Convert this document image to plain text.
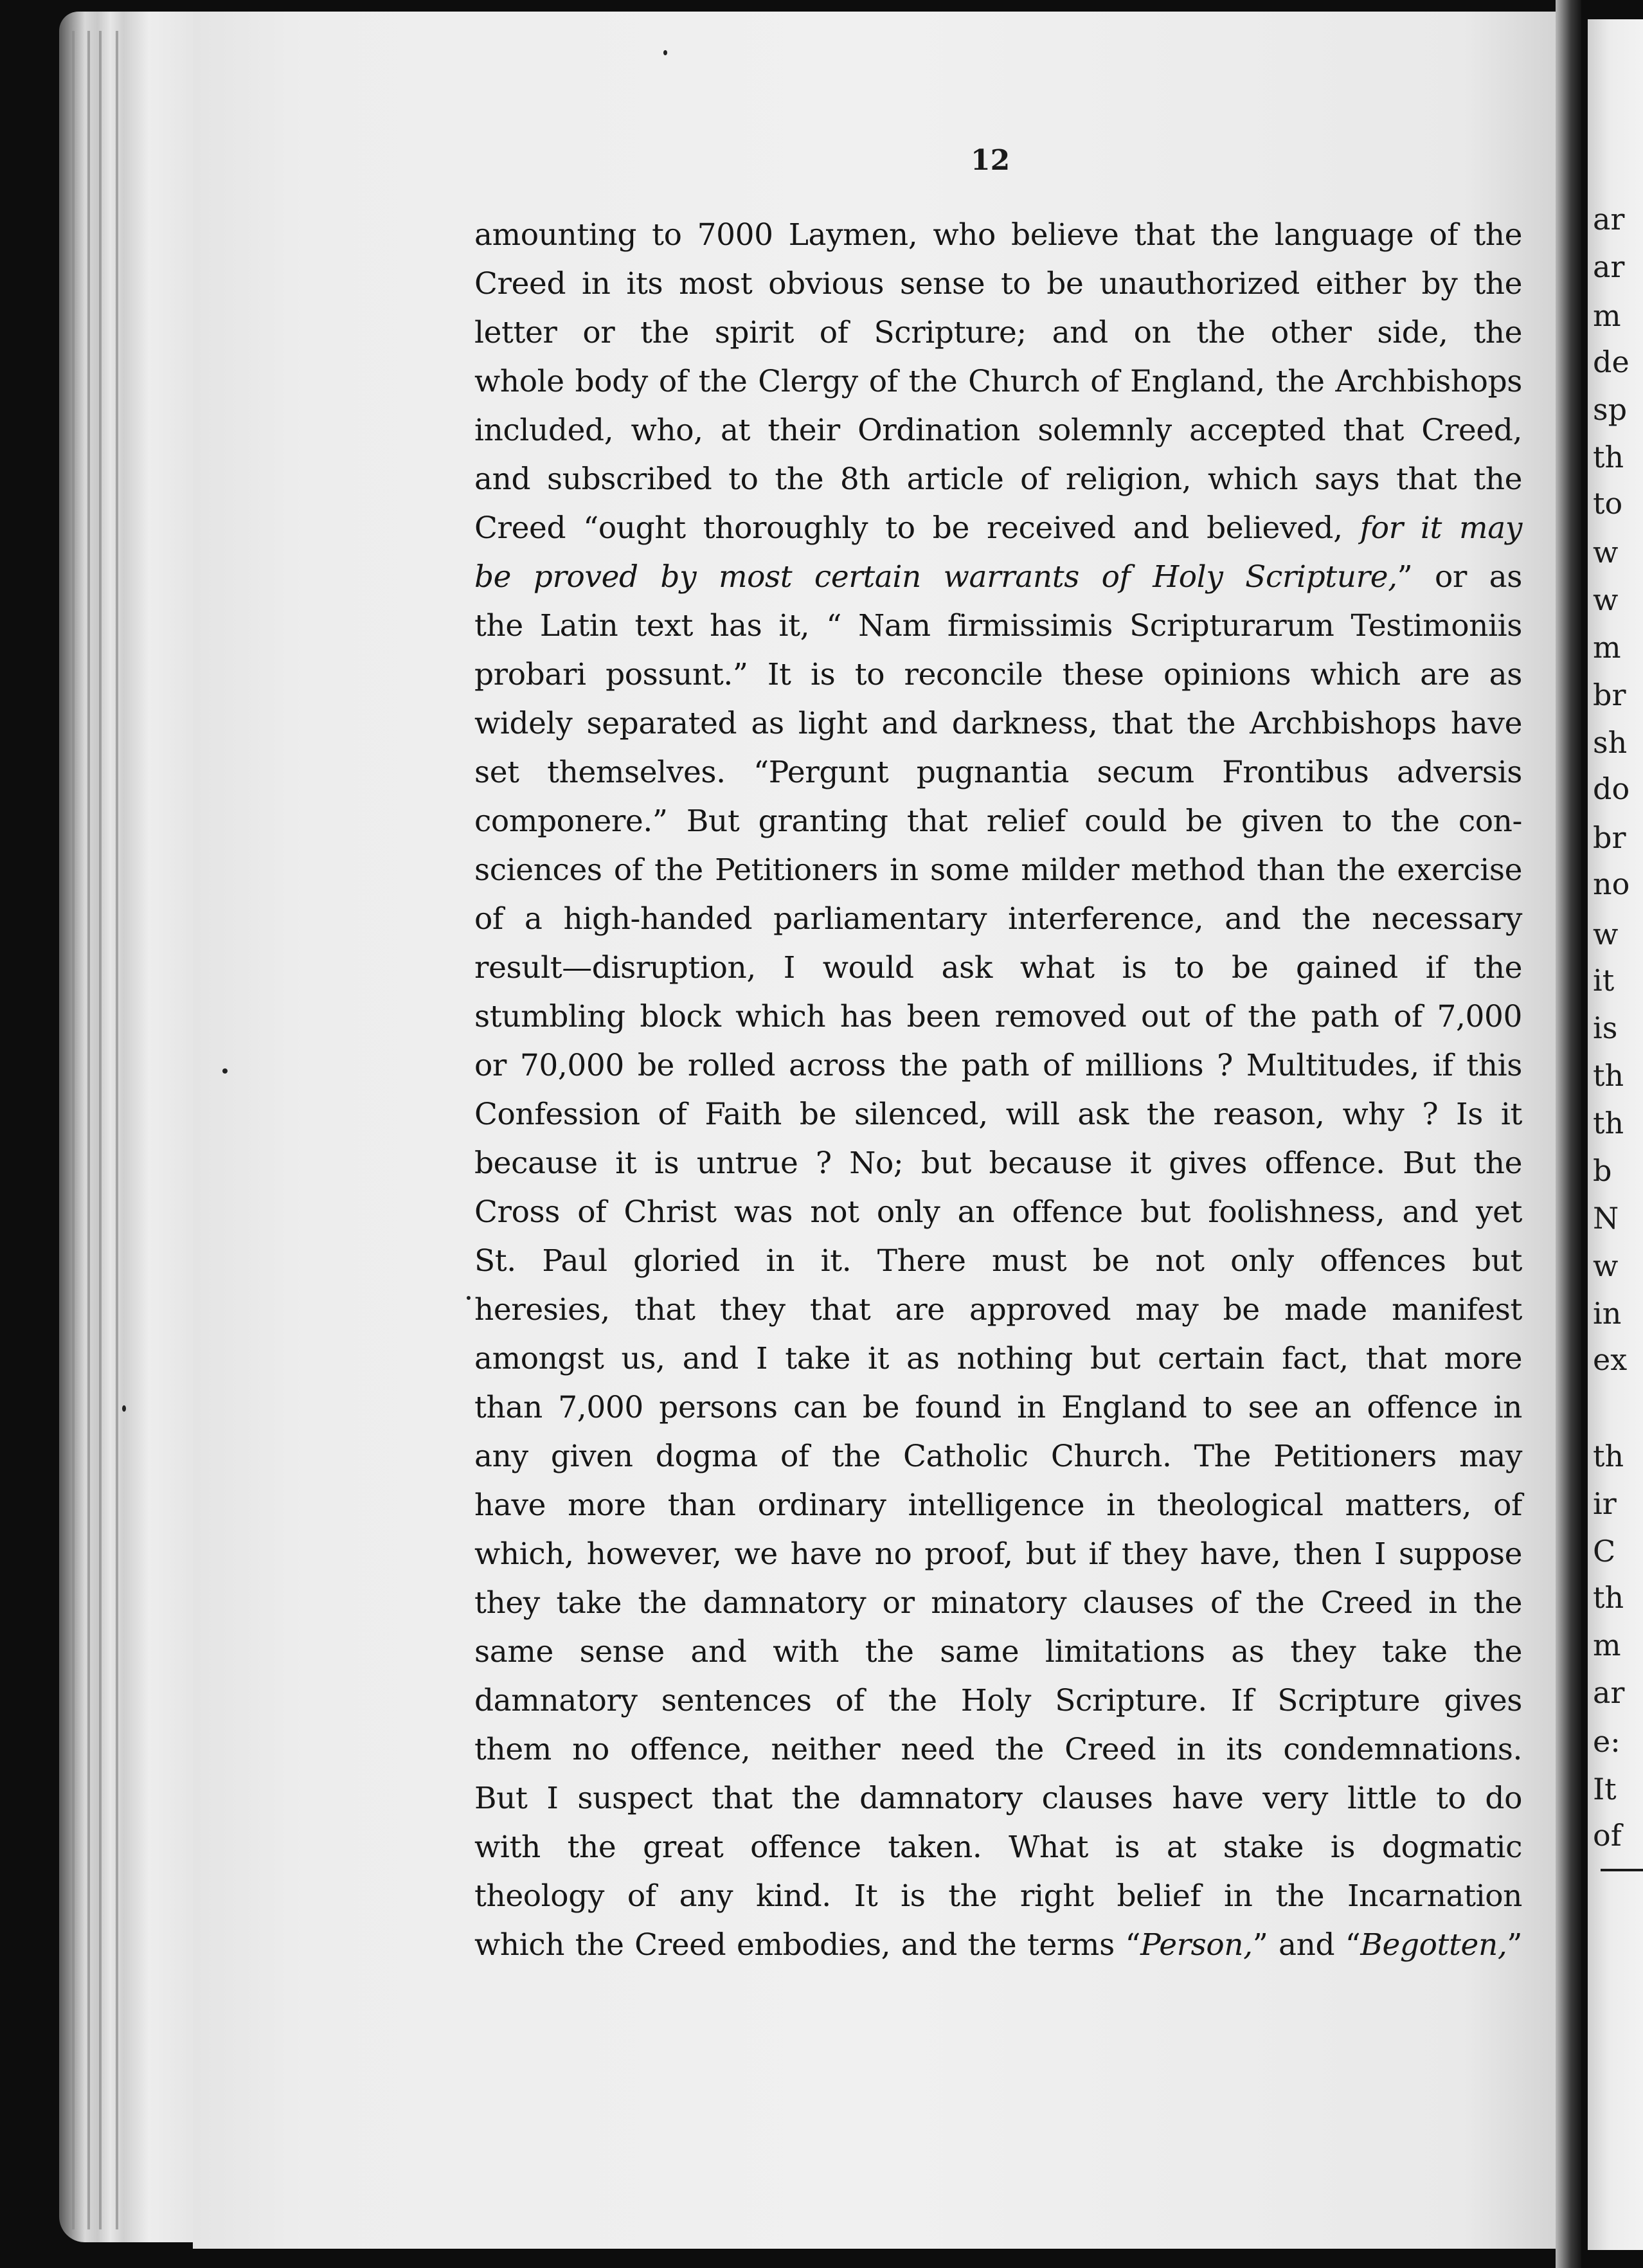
12
amounting to 7000 Laymen, who believe that the language of the
Creed in its most obvious sense to be unauthorized either by the
letter or the spirit of Scripture; and on the other side, the
whole body of the Clergy of the Church of England, the Archbishops
included, who, at their Ordination solemnly accepted that Creed,
and subscribed to the 8th article of religion, which says that the
Creed “ought thoroughly to be received and believed, for it may
be proved by most certain warrants of Holy Scripture,” or as
the Latin text has it, “ Nam firmissimis Scripturarum Testimoniis
probari possunt.” It is to reconcile these opinions which are as
widely separated as light and darkness, that the Archbishops have
set themselves. “Pergunt pugnantia secum Frontibus adversis
componere.” But granting that relief could be given to the con-
sciences of the Petitioners in some milder method than the exercise
of a high-handed parliamentary interference, and the necessary
result—disruption, I would ask what is to be gained if the
stumbling block which has been removed out of the path of 7,000
or 70,000 be rolled across the path of millions ? Multitudes, if this
Confession of Faith be silenced, will ask the reason, why ? Is it
because it is untrue ? No; but because it gives offence. But the
Cross of Christ was not only an offence but foolishness, and yet
St. Paul gloried in it. There must be not only offences but
heresies, that they that are approved may be made manifest
amongst us, and I take it as nothing but certain fact, that more
than 7,000 persons can be found in England to see an offence in
any given dogma of the Catholic Church. The Petitioners may
have more than ordinary intelligence in theological matters, of
which, however, we have no proof, but if they have, then I suppose
they take the damnatory or minatory clauses of the Creed in the
same sense and with the same limitations as they take the
damnatory sentences of the Holy Scripture. If Scripture gives
them no offence, neither need the Creed in its condemnations.
But I suspect that the damnatory clauses have very little to do
with the great offence taken. What is at stake is dogmatic
theology of any kind. It is the right belief in the Incarnation
which the Creed embodies, and the terms “Person,” and “Begotten,”
ar
ar
m
de
sp
th
to
w
w
m
br
sh
do
br
no
w
it
is
th
th
b
N
w
in
ex
th
ir
C
th
m
ar
e:
It
of
